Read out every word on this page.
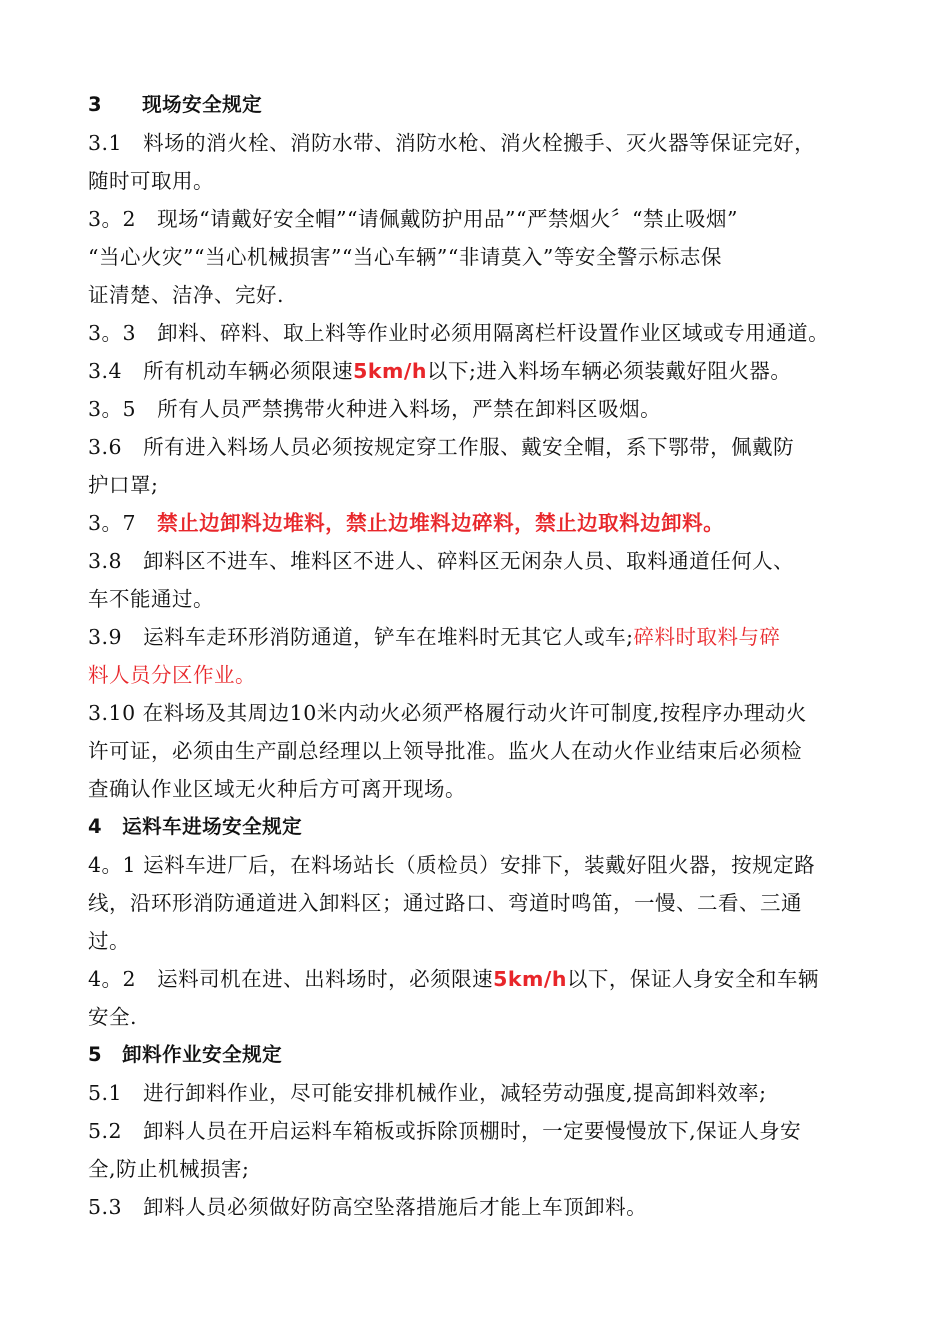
3　　现场安全规定
3.1　料场的消火栓、消防水带、消防水枪、消火栓搬手、灭火器等保证完好，
随时可取用。
3。2　现场“请戴好安全帽”“请佩戴防护用品”“严禁烟火〞“禁止吸烟”
“当心火灾”“当心机械损害”“当心车辆”“非请莫入”等安全警示标志保
证清楚、洁净、完好.
3。3　卸料、碎料、取上料等作业时必须用隔离栏杆设置作业区域或专用通道。
3.4　所有机动车辆必须限速5km/h以下;进入料场车辆必须装戴好阻火器。
3。5　所有人员严禁携带火种进入料场，严禁在卸料区吸烟。
3.6　所有进入料场人员必须按规定穿工作服、戴安全帽，系下鄂带，佩戴防
护口罩;
3。7　禁止边卸料边堆料，禁止边堆料边碎料，禁止边取料边卸料。
3.8　卸料区不进车、堆料区不进人、碎料区无闲杂人员、取料通道任何人、
车不能通过。
3.9　运料车走环形消防通道，铲车在堆料时无其它人或车;碎料时取料与碎
料人员分区作业。
3.10 在料场及其周边10米内动火必须严格履行动火许可制度,按程序办理动火
许可证，必须由生产副总经理以上领导批准。监火人在动火作业结束后必须检
查确认作业区域无火种后方可离开现场。
4　运料车进场安全规定
4。1 运料车进厂后，在料场站长（质检员）安排下，装戴好阻火器，按规定路
线，沿环形消防通道进入卸料区；通过路口、弯道时鸣笛，一慢、二看、三通
过。
4。2　运料司机在进、出料场时，必须限速5km/h以下，保证人身安全和车辆
安全.
5　卸料作业安全规定
5.1　进行卸料作业，尽可能安排机械作业，减轻劳动强度,提高卸料效率;
5.2　卸料人员在开启运料车箱板或拆除顶棚时，一定要慢慢放下,保证人身安
全,防止机械损害;
5.3　卸料人员必须做好防高空坠落措施后才能上车顶卸料。
